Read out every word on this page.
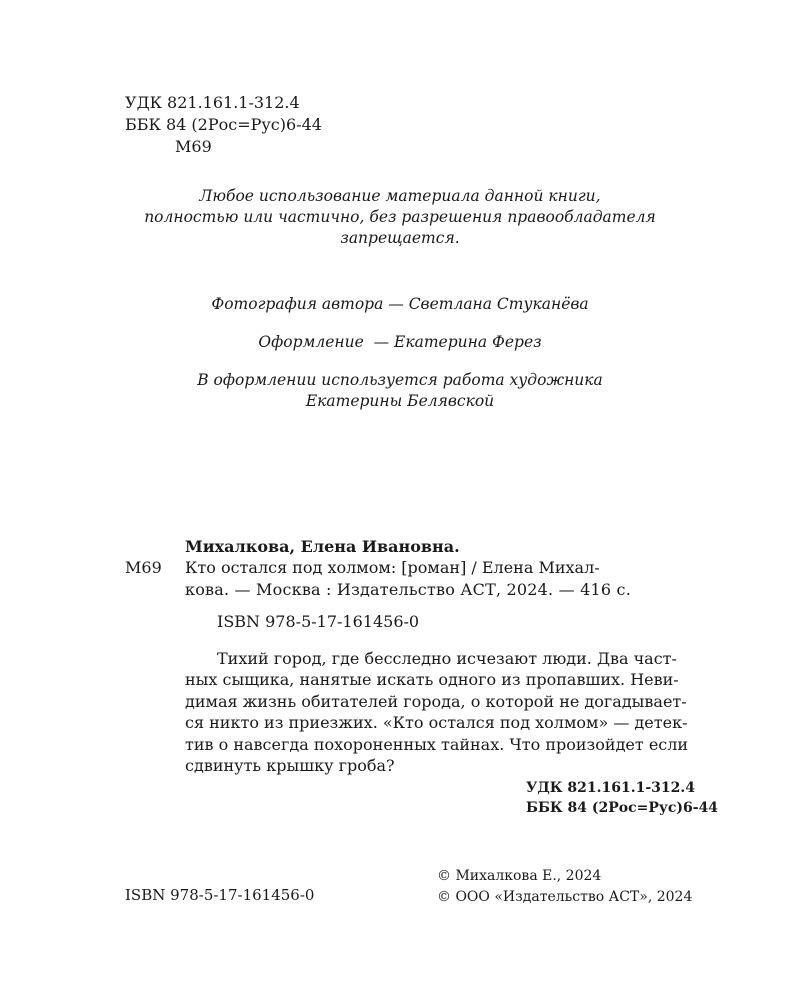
УДК 821.161.1-312.4
ББК 84 (2Рос=Рус)6-44
М69
Любое использование материала данной книги,
полностью или частично, без разрешения правообладателя
запрещается.
Фотография автора — Светлана Стуканёва
Оформление  — Екатерина Ферез
В оформлении используется работа художника
Екатерины Белявской
Михалкова, Елена Ивановна.
М69 Кто остался под холмом: [роман] / Елена Михал-
кова. — Москва : Издательство АСТ, 2024. — 416 с.
ISBN 978-5-17-161456-0
Тихий город, где бесследно исчезают люди. Два част-
ных сыщика, нанятые искать одного из пропавших. Неви-
димая жизнь обитателей города, о которой не догадывает-
ся никто из приезжих. «Кто остался под холмом» — детек-
тив о навсегда похороненных тайнах. Что произойдет если
сдвинуть крышку гроба?
УДК 821.161.1-312.4
ББК 84 (2Рос=Рус)6-44
ISBN 978-5-17-161456-0
© Михалкова Е., 2024
© ООО «Издательство АСТ», 2024
